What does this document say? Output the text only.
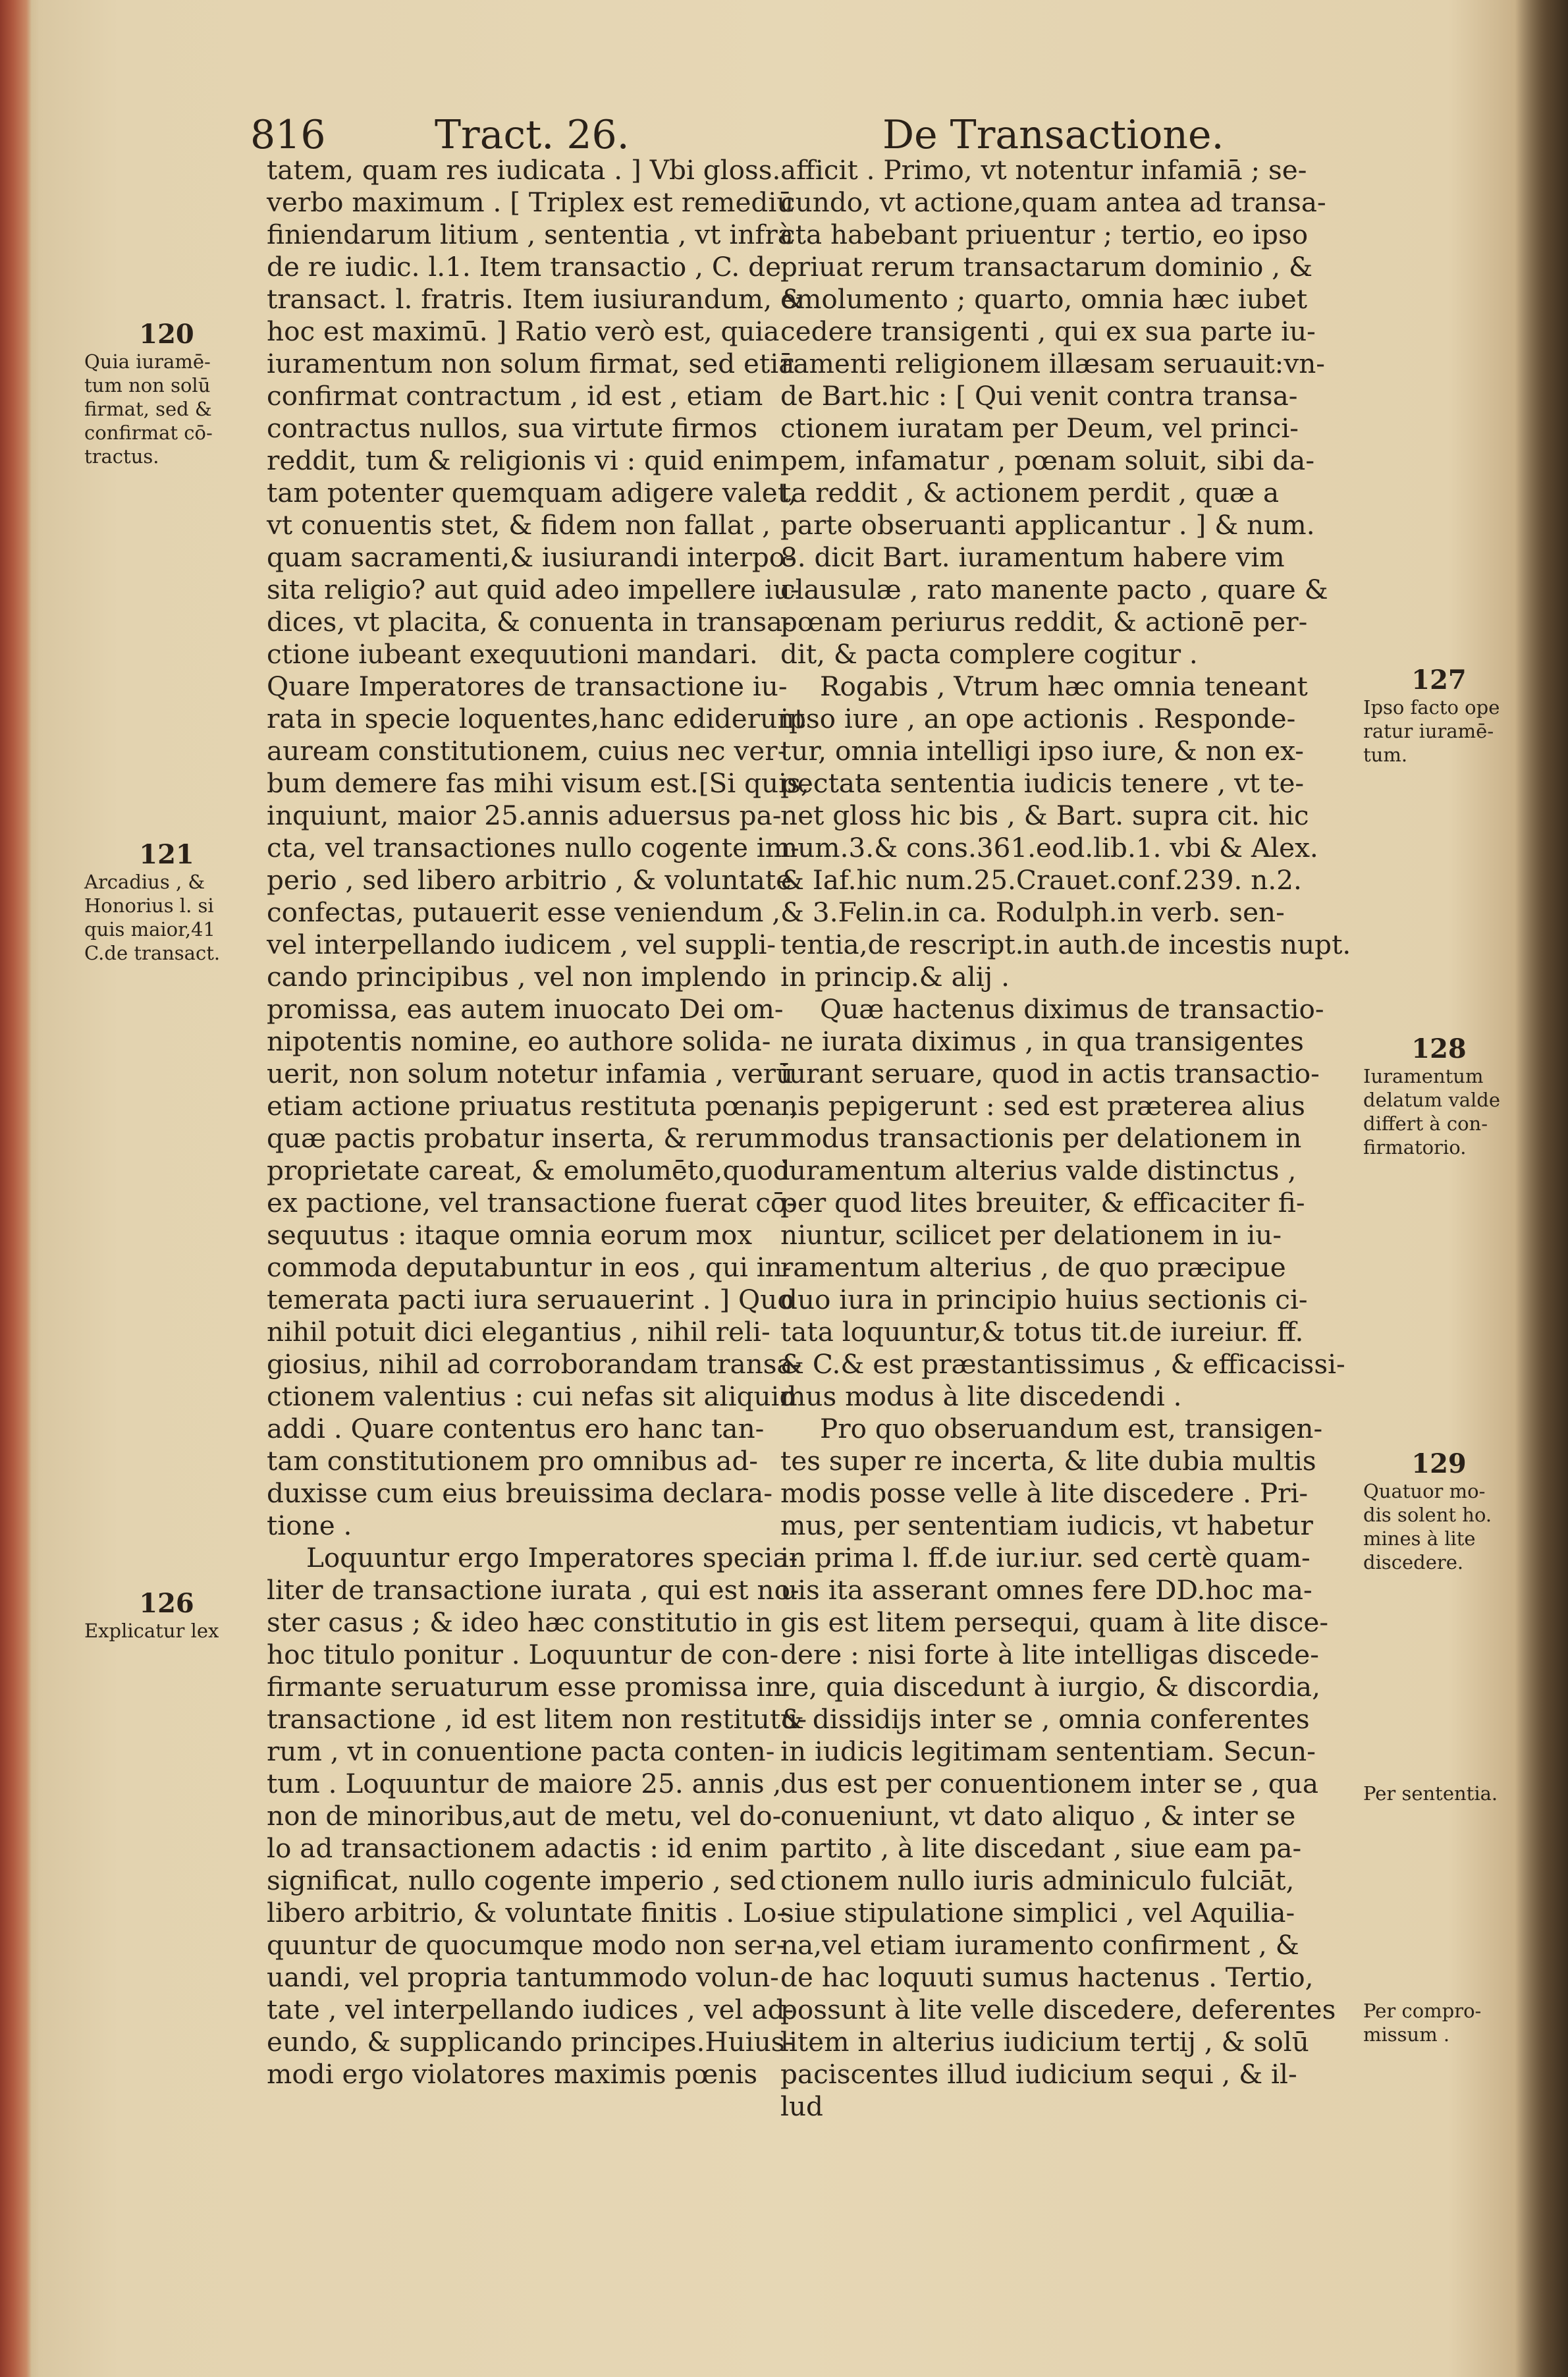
816	Tract. 26.	De Transactione.
tatem, quam res iudicata . ] Vbi gloss.
verbo maximum . [ Triplex est remediū
finiendarum litium , sententia , vt infrà
de re iudic. l.1. Item transactio , C. de
transact. l. fratris. Item iusiurandum, &
hoc est maximū. ] Ratio verò est, quia
iuramentum non solum firmat, sed etiā
confirmat contractum , id est , etiam
contractus nullos, sua virtute firmos
reddit, tum & religionis vi : quid enim
tam potenter quemquam adigere valet,
vt conuentis stet, & fidem non fallat ,
quam sacramenti,& iusiurandi interpo-
sita religio? aut quid adeo impellere iu-
dices, vt placita, & conuenta in transa-
ctione iubeant exequutioni mandari.
Quare Imperatores de transactione iu-
rata in specie loquentes,hanc ediderunt
auream constitutionem, cuius nec ver-
bum demere fas mihi visum est.[Si quis,
inquiunt, maior 25.annis aduersus pa-
cta, vel transactiones nullo cogente im-
perio , sed libero arbitrio , & voluntate
confectas, putauerit esse veniendum ,
vel interpellando iudicem , vel suppli-
cando principibus , vel non implendo
promissa, eas autem inuocato Dei om-
nipotentis nomine, eo authore solida-
uerit, non solum notetur infamia , verū
etiam actione priuatus restituta pœna ,
quæ pactis probatur inserta, & rerum
proprietate careat, & emolumēto,quod
ex pactione, vel transactione fuerat cō-
sequutus : itaque omnia eorum mox
commoda deputabuntur in eos , qui in-
temerata pacti iura seruauerint . ] Quo
nihil potuit dici elegantius , nihil reli-
giosius, nihil ad corroborandam transa-
ctionem valentius : cui nefas sit aliquid
addi . Quare contentus ero hanc tan-
tam constitutionem pro omnibus ad-
duxisse cum eius breuissima declara-
tione .
Loquuntur ergo Imperatores specia-
liter de transactione iurata , qui est no-
ster casus ; & ideo hæc constitutio in
hoc titulo ponitur . Loquuntur de con-
firmante seruaturum esse promissa in
transactione , id est litem non restitutu-
rum , vt in conuentione pacta conten-
tum . Loquuntur de maiore 25. annis ,
non de minoribus,aut de metu, vel do-
lo ad transactionem adactis : id enim
significat, nullo cogente imperio , sed
libero arbitrio, & voluntate finitis . Lo-
quuntur de quocumque modo non ser-
uandi, vel propria tantummodo volun-
tate , vel interpellando iudices , vel ad-
eundo, & supplicando principes.Huius-
modi ergo violatores maximis pœnis
afficit . Primo, vt notentur infamiā ; se-
cundo, vt actione,quam antea ad transa-
cta habebant priuentur ; tertio, eo ipso
priuat rerum transactarum dominio , &
emolumento ; quarto, omnia hæc iubet
cedere transigenti , qui ex sua parte iu-
ramenti religionem illæsam seruauit:vn-
de Bart.hic : [ Qui venit contra transa-
ctionem iuratam per Deum, vel princi-
pem, infamatur , pœnam soluit, sibi da-
ta reddit , & actionem perdit , quæ a
parte obseruanti applicantur . ] & num.
8. dicit Bart. iuramentum habere vim
clausulæ , rato manente pacto , quare &
pœnam periurus reddit, & actionē per-
dit, & pacta complere cogitur .
Rogabis , Vtrum hæc omnia teneant
ipso iure , an ope actionis . Responde-
tur, omnia intelligi ipso iure, & non ex-
pectata sententia iudicis tenere , vt te-
net gloss hic bis , & Bart. supra cit. hic
num.3.& cons.361.eod.lib.1. vbi & Alex.
& Iaf.hic num.25.Crauet.conf.239. n.2.
& 3.Felin.in ca. Rodulph.in verb. sen-
tentia,de rescript.in auth.de incestis nupt.
in princip.& alij .
Quæ hactenus diximus de transactio-
ne iurata diximus , in qua transigentes
iurant seruare, quod in actis transactio-
nis pepigerunt : sed est præterea alius
modus transactionis per delationem in
iuramentum alterius valde distinctus ,
per quod lites breuiter, & efficaciter fi-
niuntur, scilicet per delationem in iu-
ramentum alterius , de quo præcipue
duo iura in principio huius sectionis ci-
tata loquuntur,& totus tit.de iureiur. ff.
& C.& est præstantissimus , & efficacissi-
mus modus à lite discedendi .
Pro quo obseruandum est, transigen-
tes super re incerta, & lite dubia multis
modis posse velle à lite discedere . Pri-
mus, per sententiam iudicis, vt habetur
in prima l. ff.de iur.iur. sed certè quam-
uis ita asserant omnes fere DD.hoc ma-
gis est litem persequi, quam à lite disce-
dere : nisi forte à lite intelligas discede-
re, quia discedunt à iurgio, & discordia,
& dissidijs inter se , omnia conferentes
in iudicis legitimam sententiam. Secun-
dus est per conuentionem inter se , qua
conueniunt, vt dato aliquo , & inter se
partito , à lite discedant , siue eam pa-
ctionem nullo iuris adminiculo fulciāt,
siue stipulatione simplici , vel Aquilia-
na,vel etiam iuramento confirment , &
de hac loquuti sumus hactenus . Tertio,
possunt à lite velle discedere, deferentes
litem in alterius iudicium tertij , & solū
paciscentes illud iudicium sequi , & il-
lud
120
Quia iuramē-
tum non solū
firmat, sed &
confirmat cō-
tractus.
121
Arcadius , &
Honorius l. si
quis maior,41
C.de transact.
126
Explicatur lex
127
Ipso facto ope
ratur iuramē-
tum.
128
Iuramentum
delatum valde
differt à con-
firmatorio.
129
Quatuor mo-
dis solent ho.
mines à lite
discedere.
Per sententia.
Per compro-
missum .
